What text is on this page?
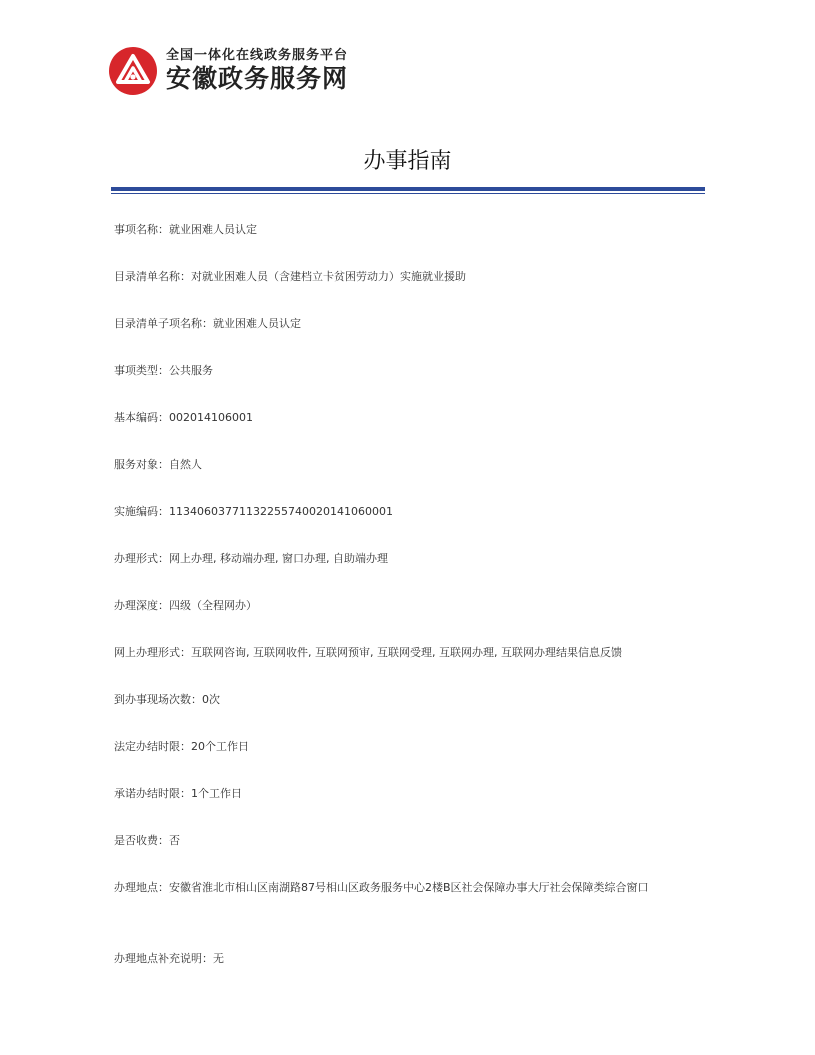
全国一体化在线政务服务平台
安徽政务服务网
办事指南
事项名称：就业困难人员认定
目录清单名称：对就业困难人员（含建档立卡贫困劳动力）实施就业援助
目录清单子项名称：就业困难人员认定
事项类型：公共服务
基本编码：002014106001
服务对象：自然人
实施编码：11340603771132255740020141060001
办理形式：网上办理, 移动端办理, 窗口办理, 自助端办理
办理深度：四级（全程网办）
网上办理形式：互联网咨询, 互联网收件, 互联网预审, 互联网受理, 互联网办理, 互联网办理结果信息反馈
到办事现场次数：0次
法定办结时限：20个工作日
承诺办结时限：1个工作日
是否收费：否
办理地点：安徽省淮北市相山区南湖路87号相山区政务服务中心2楼B区社会保障办事大厅社会保障类综合窗口
办理地点补充说明：无
